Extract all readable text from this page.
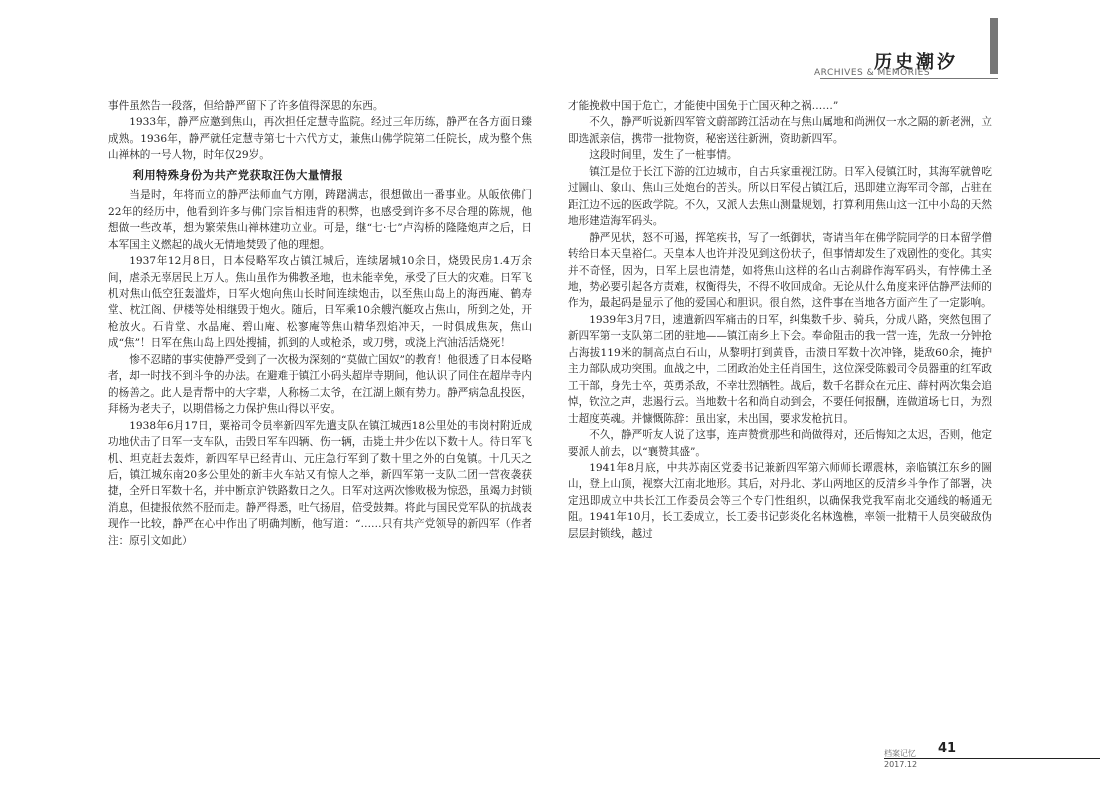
历史潮汐
ARCHIVES & MEMORIES

事件虽然告一段落，但给静严留下了许多值得深思的东西。

1933年，静严应邀到焦山，再次担任定慧寺监院。经过三年历练，静严在各方面日臻成熟。1936年，静严就任定慧寺第七十六代方丈，兼焦山佛学院第二任院长，成为整个焦山禅林的一号人物，时年仅29岁。

利用特殊身份为共产党获取汪伪大量情报

当是时，年将而立的静严法师血气方刚，踌躇满志，很想做出一番事业。从皈依佛门22年的经历中，他看到许多与佛门宗旨相违背的积弊，也感受到许多不尽合理的陈规，他想做一些改革，想为繁荣焦山禅林建功立业。可是，继“七·七”卢沟桥的隆隆炮声之后，日本军国主义燃起的战火无情地焚毁了他的理想。

1937年12月8日，日本侵略军攻占镇江城后，连续屠城10余日，烧毁民房1.4万余间，虐杀无辜居民上万人。焦山虽作为佛教圣地，也未能幸免，承受了巨大的灾难。日军飞机对焦山低空狂轰滥炸，日军火炮向焦山长时间连续炮击，以至焦山岛上的海西庵、鹤寿堂、枕江阁、伊楼等处相继毁于炮火。随后，日军乘10余艘汽艇攻占焦山，所到之处，开枪放火。石肯堂、水晶庵、碧山庵、松寥庵等焦山精华烈焰冲天，一时俱成焦灰，焦山成“焦”！日军在焦山岛上四处搜捕，抓到的人或枪杀，或刀劈，或浇上汽油活活烧死！

惨不忍睹的事实使静严受到了一次极为深刻的“莫做亡国奴”的教育！他很透了日本侵略者，却一时找不到斗争的办法。在避难于镇江小码头超岸寺期间，他认识了同住在超岸寺内的杨善之。此人是青帮中的大字辈，人称杨二太爷，在江湖上颇有势力。静严病急乱投医，拜杨为老夫子，以期借杨之力保护焦山得以平安。

1938年6月17日，粟裕司令员率新四军先遣支队在镇江城西18公里处的韦岗村附近成功地伏击了日军一支车队，击毁日军车四辆、伤一辆，击毙土井少佐以下数十人。待日军飞机、坦克赶去轰炸，新四军早已经青山、元庄急行军到了数十里之外的白兔镇。十几天之后，镇江城东南20多公里处的新丰火车站又有惊人之举，新四军第一支队二团一营夜袭获捷，全歼日军数十名，并中断京沪铁路数日之久。日军对这两次惨败极为惊恐，虽竭力封锁消息，但捷报依然不胫而走。静严得悉，吐气扬眉，倍受鼓舞。将此与国民党军队的抗战表现作一比较，静严在心中作出了明确判断，他写道：“……只有共产党领导的新四军（作者注：原引文如此）

才能挽救中国于危亡，才能使中国免于亡国灭种之祸……”

不久，静严听说新四军管文蔚部跨江活动在与焦山属地和尚洲仅一水之隔的新老洲，立即选派亲信，携带一批物资，秘密送往新洲，资助新四军。

这段时间里，发生了一桩事情。

镇江是位于长江下游的江边城市，自古兵家重视江防。日军入侵镇江时，其海军就曾吃过圌山、象山、焦山三处炮台的苦头。所以日军侵占镇江后，迅即建立海军司令部，占驻在距江边不远的医政学院。不久，又派人去焦山测量规划，打算利用焦山这一江中小岛的天然地形建造海军码头。

静严见状，怒不可遏，挥笔疾书，写了一纸御状，寄请当年在佛学院同学的日本留学僧转给日本天皇裕仁。天皇本人也许并没见到这份状子，但事情却发生了戏剧性的变化。其实并不奇怪，因为，日军上层也清楚，如将焦山这样的名山古刹辟作海军码头，有悖佛土圣地，势必要引起各方责难，权衡得失，不得不收回成命。无论从什么角度来评估静严法师的作为，最起码是显示了他的爱国心和胆识。很自然，这件事在当地各方面产生了一定影响。

1939年3月7日，速遣新四军痛击的日军，纠集数千步、骑兵，分成八路，突然包围了新四军第一支队第二团的驻地——镇江南乡上下会。奉命阻击的我一营一连，先敌一分钟抢占海拔119米的制高点白石山，从黎明打到黄昏，击溃日军数十次冲锋，毙敌60余，掩护主力部队成功突围。血战之中，二团政治处主任肖国生，这位深受陈毅司令员器重的红军政工干部，身先士卒，英勇杀敌，不幸壮烈牺牲。战后，数千名群众在元庄、薛村两次集会追悼，钦泣之声，悲遏行云。当地数十名和尚自动到会，不要任何报酬，连做道场七日，为烈士超度英魂。并慷慨陈辞：虽出家，未出国，要求发枪抗日。

不久，静严听友人说了这事，连声赞赏那些和尚做得对，还后悔知之太迟，否则，他定要派人前去，以“襄赞其盛”。

1941年8月底，中共苏南区党委书记兼新四军第六师师长谭震林，亲临镇江东乡的圌山，登上山顶，视察大江南北地形。其后，对丹北、茅山两地区的反清乡斗争作了部署，决定迅即成立中共长江工作委员会等三个专门性组织，以确保我党我军南北交通线的畅通无阻。1941年10月，长工委成立，长工委书记彭炎化名林逸樵，率领一批精干人员突破敌伪层层封锁线，越过

档案记忆 41
2017.12
